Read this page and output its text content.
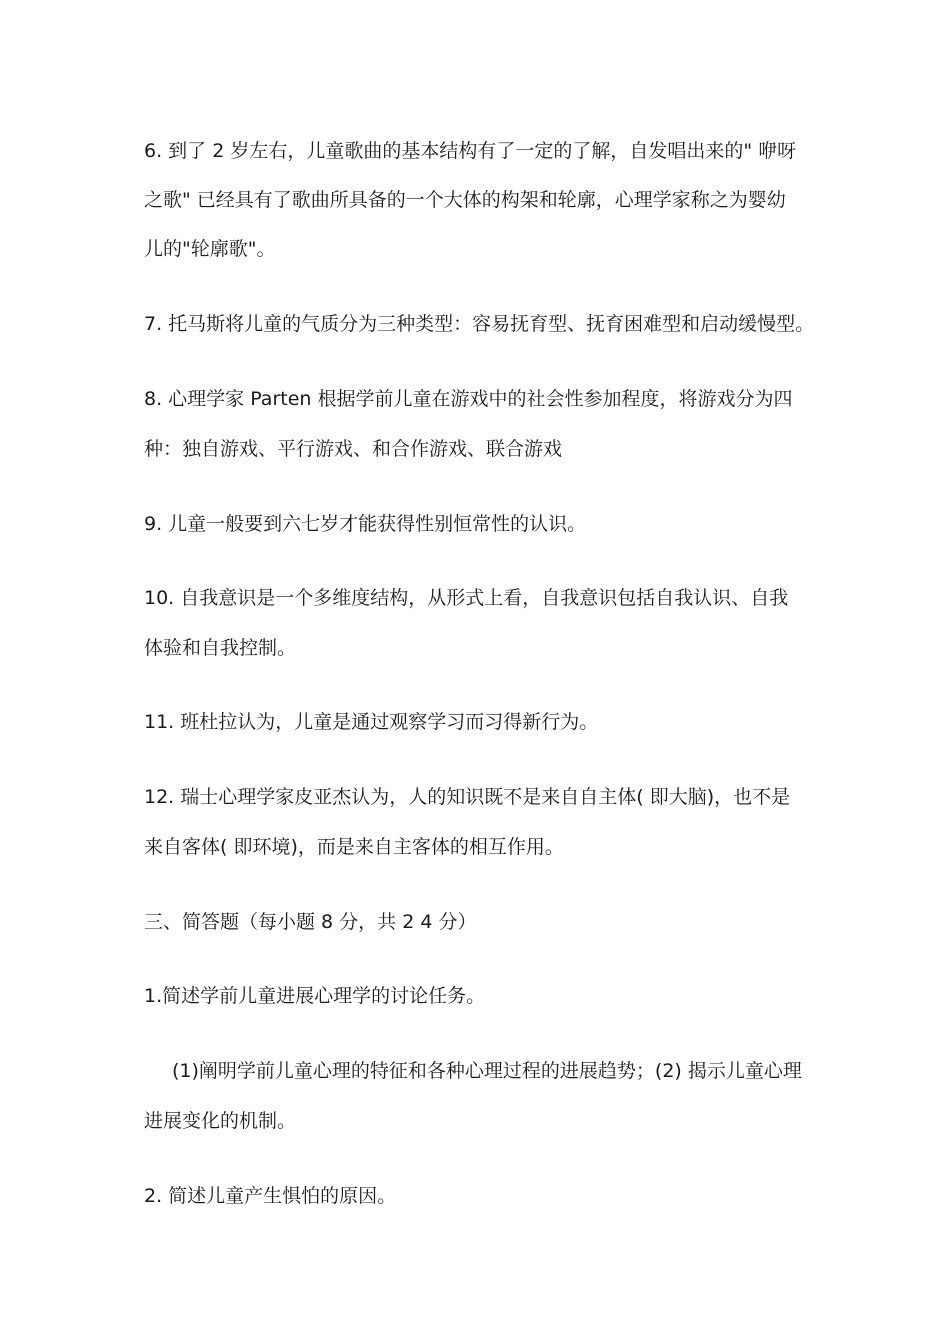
6. 到了 2 岁左右，儿童歌曲的基本结构有了一定的了解，自发唱出来的" 咿呀
之歌" 已经具有了歌曲所具备的一个大体的构架和轮廓，心理学家称之为婴幼
儿的"轮廓歌"。
7. 托马斯将儿童的气质分为三种类型：容易抚育型、抚育困难型和启动缓慢型。
8. 心理学家 Parten 根据学前儿童在游戏中的社会性参加程度，将游戏分为四
种：独自游戏、平行游戏、和合作游戏、联合游戏
9. 儿童一般要到六七岁才能获得性别恒常性的认识。
10. 自我意识是一个多维度结构，从形式上看，自我意识包括自我认识、自我
体验和自我控制。
11. 班杜拉认为，儿童是通过观察学习而习得新行为。
12. 瑞士心理学家皮亚杰认为，人的知识既不是来自自主体( 即大脑)，也不是
来自客体( 即环境)，而是来自主客体的相互作用。
三、简答题（每小题 8 分，共 2 4 分）
1.简述学前儿童进展心理学的讨论任务。
(1)阐明学前儿童心理的特征和各种心理过程的进展趋势；(2) 揭示儿童心理
进展变化的机制。
2. 简述儿童产生惧怕的原因。
